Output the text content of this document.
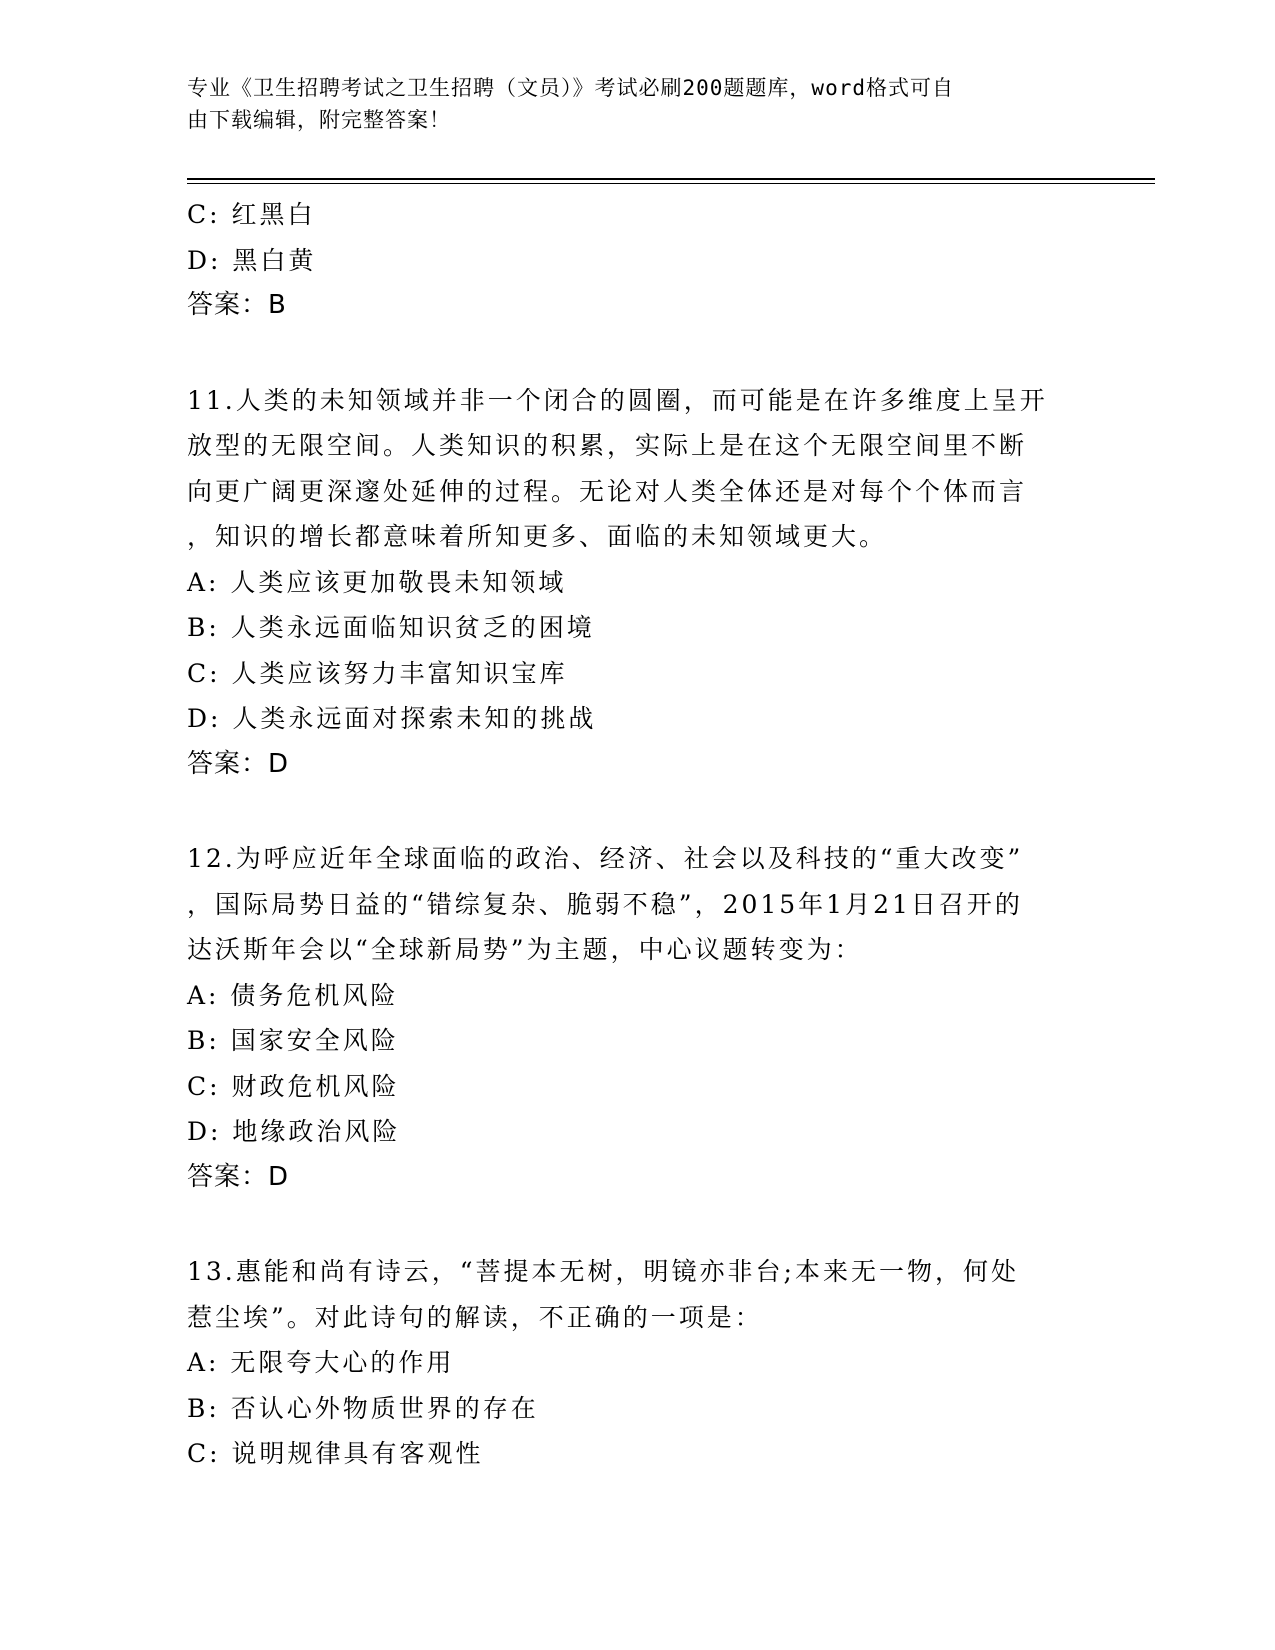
专业《卫生招聘考试之卫生招聘（文员）》考试必刷200题题库，word格式可自
由下载编辑，附完整答案！
C: 红黑白
D: 黑白黄
答案：B
11.人类的未知领域并非一个闭合的圆圈，而可能是在许多维度上呈开
放型的无限空间。人类知识的积累，实际上是在这个无限空间里不断
向更广阔更深邃处延伸的过程。无论对人类全体还是对每个个体而言
，知识的增长都意味着所知更多、面临的未知领域更大。
A: 人类应该更加敬畏未知领域
B: 人类永远面临知识贫乏的困境
C: 人类应该努力丰富知识宝库
D: 人类永远面对探索未知的挑战
答案：D
12.为呼应近年全球面临的政治、经济、社会以及科技的“重大改变”
，国际局势日益的“错综复杂、脆弱不稳”，2015年1月21日召开的
达沃斯年会以“全球新局势”为主题，中心议题转变为：
A: 债务危机风险
B: 国家安全风险
C: 财政危机风险
D: 地缘政治风险
答案：D
13.惠能和尚有诗云，“菩提本无树，明镜亦非台;本来无一物，何处
惹尘埃”。对此诗句的解读，不正确的一项是：
A: 无限夸大心的作用
B: 否认心外物质世界的存在
C: 说明规律具有客观性
